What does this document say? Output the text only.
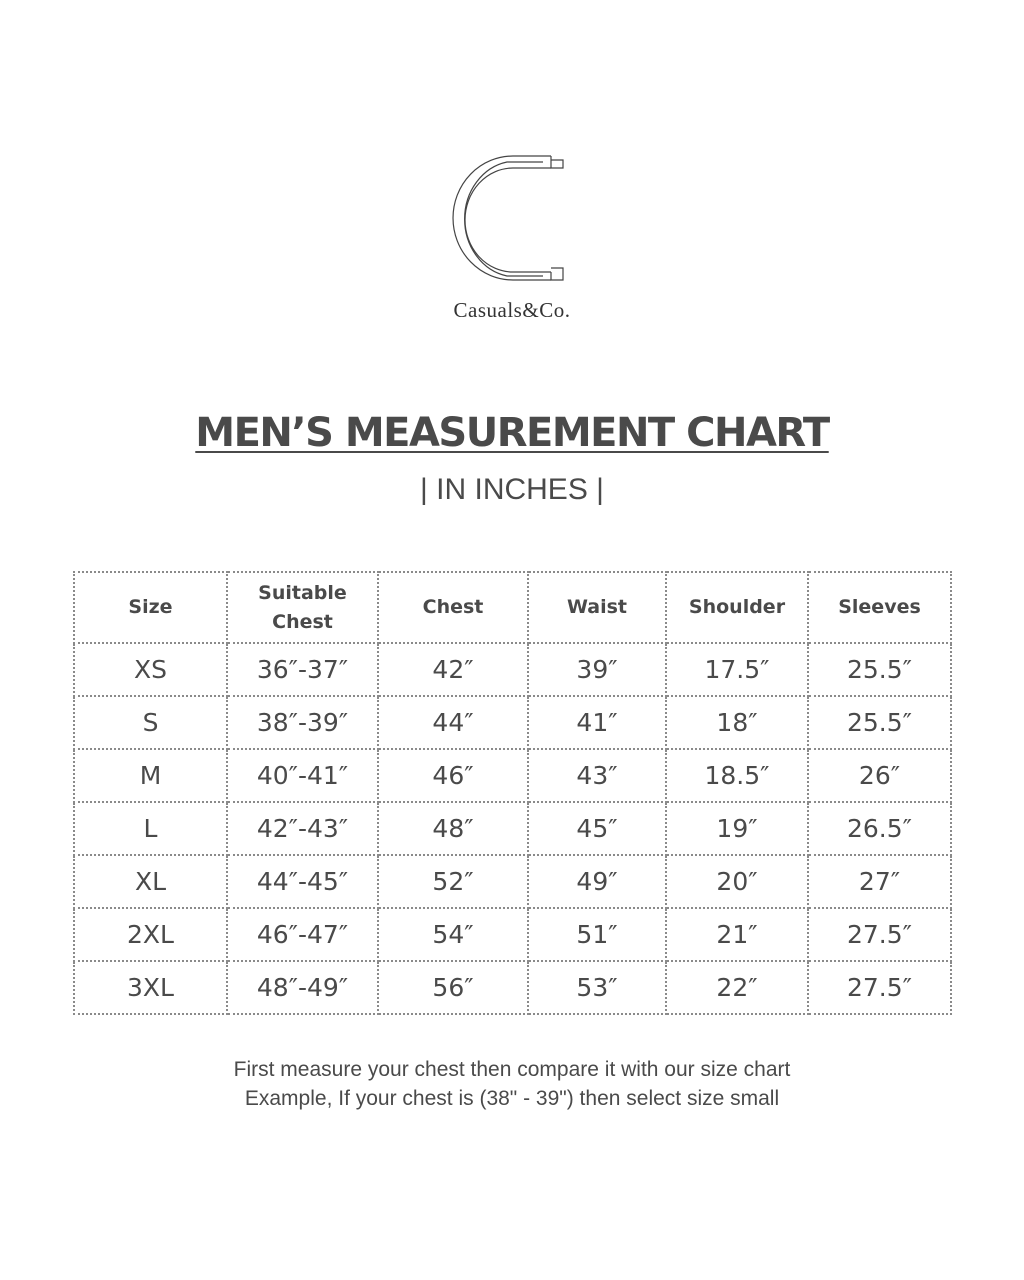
Casuals&Co.
MEN’S MEASUREMENT CHART

| IN INCHES |

Size	Suitable Chest	Chest	Waist	Shoulder	Sleeves
XS	36″-37″	42″	39″	17.5″	25.5″
S	38″-39″	44″	41″	18″	25.5″
M	40″-41″	46″	43″	18.5″	26″
L	42″-43″	48″	45″	19″	26.5″
XL	44″-45″	52″	49″	20″	27″
2XL	46″-47″	54″	51″	21″	27.5″
3XL	48″-49″	56″	53″	22″	27.5″

First measure your chest then compare it with our size chart

Example, If your chest is (38" - 39") then select size small
